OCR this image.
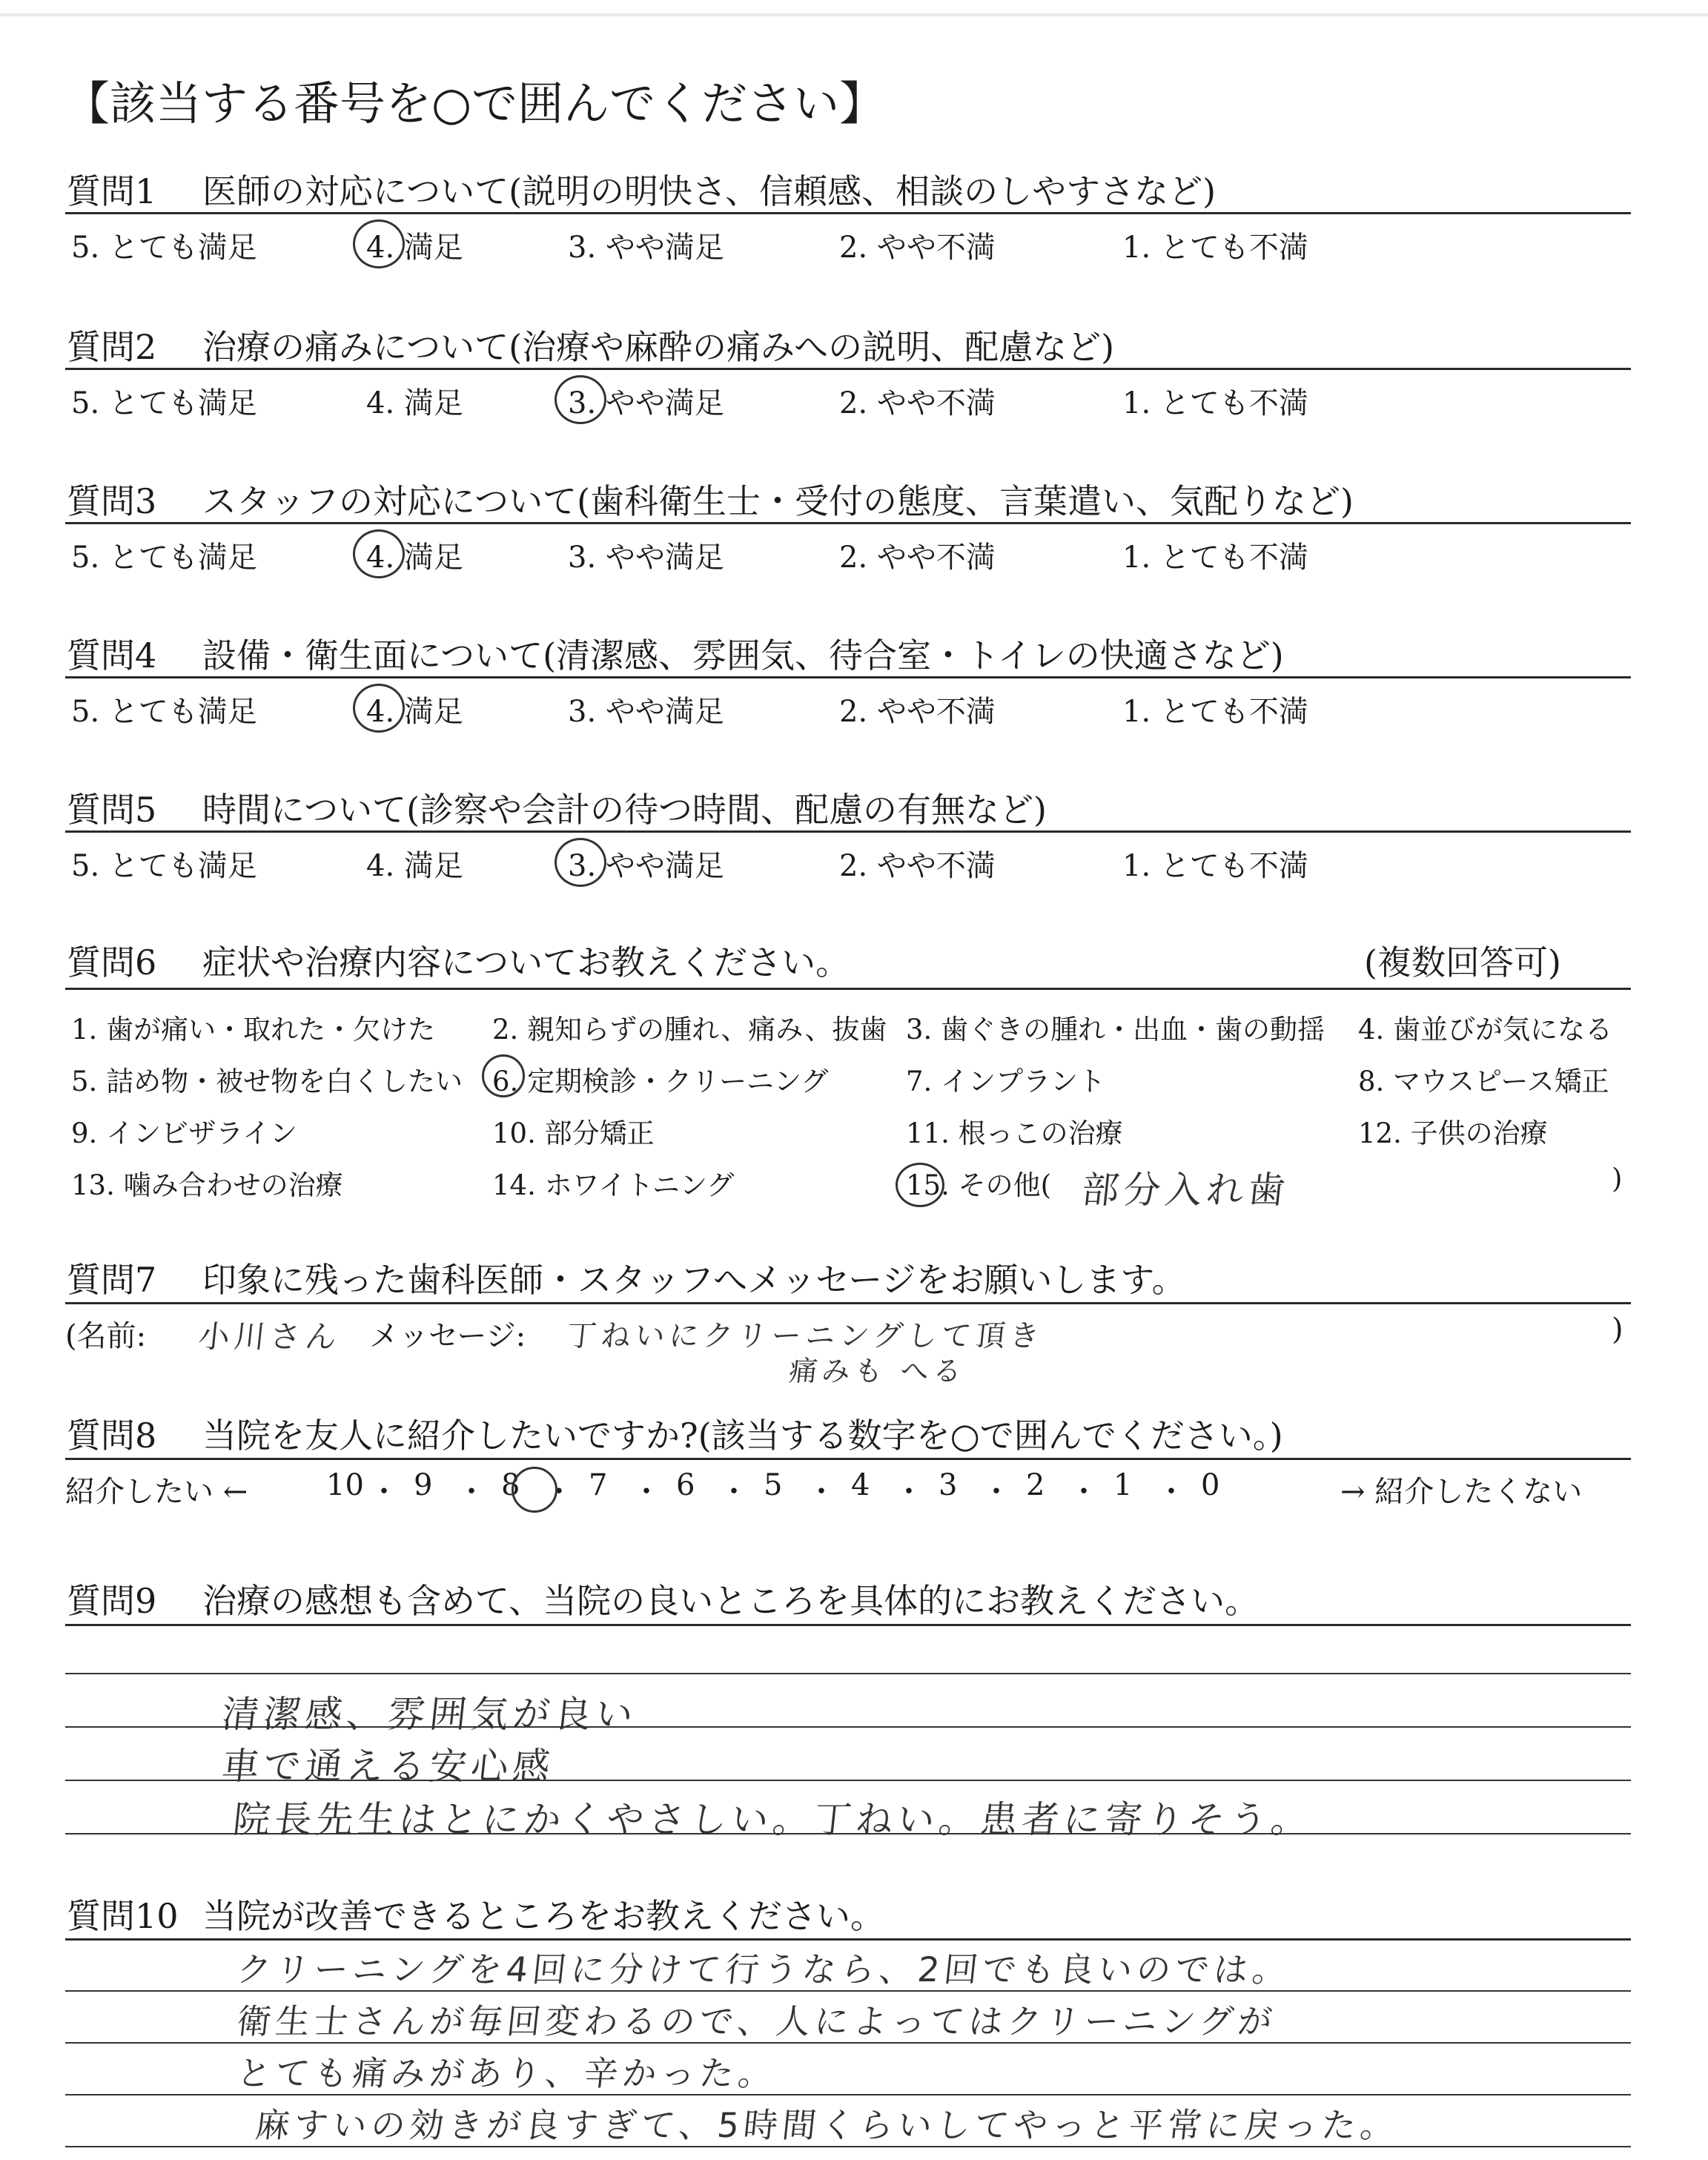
【該当する番号を○で囲んでください】
質問1 医師の対応について(説明の明快さ、信頼感、相談のしやすさなど)
5. とても満足	4. 満足	3. やや満足	2. やや不満	1. とても不満
質問2 治療の痛みについて(治療や麻酔の痛みへの説明、配慮など)
5. とても満足	4. 満足	3. やや満足	2. やや不満	1. とても不満
質問3 スタッフの対応について(歯科衛生士・受付の態度、言葉遣い、気配りなど)
5. とても満足	4. 満足	3. やや満足	2. やや不満	1. とても不満
質問4 設備・衛生面について(清潔感、雰囲気、待合室・トイレの快適さなど)
5. とても満足	4. 満足	3. やや満足	2. やや不満	1. とても不満
質問5 時間について(診察や会計の待つ時間、配慮の有無など)
5. とても満足	4. 満足	3. やや満足	2. やや不満	1. とても不満
質問6 症状や治療内容についてお教えください。	(複数回答可)
1. 歯が痛い・取れた・欠けた 2. 親知らずの腫れ、痛み、抜歯 3. 歯ぐきの腫れ・出血・歯の動揺 4. 歯並びが気になる
5. 詰め物・被せ物を白くしたい 6. 定期検診・クリーニング	7. インプラント	8. マウスピース矯正
9. インビザライン	10. 部分矯正	11. 根っこの治療	12. 子供の治療
13. 噛み合わせの治療	14. ホワイトニング	15. その他(	)
部分入れ歯
質問7 印象に残った歯科医師・スタッフへメッセージをお願いします。
(名前: 小川さん メッセージ: 丁ねいにクリーニングして頂き
痛みも へる
)
質問8 当院を友人に紹介したいですか?(該当する数字を○で囲んでください。)
紹介したい ←	10 ・ 9 ・ 8 ・ 7 ・ 6 ・ 5 ・ 4 ・ 3 ・ 2 ・ 1 ・ 0	→ 紹介したくない
質問9 治療の感想も含めて、当院の良いところを具体的にお教えください。
清潔感、雰囲気が良い
車で通える安心感
院長先生はとにかくやさしい。丁ねい。患者に寄りそう。
質問10 当院が改善できるところをお教えください。
クリーニングを4回に分けて行うなら、2回でも良いのでは。
衛生士さんが毎回変わるので、人によってはクリーニングが
とても痛みがあり、辛かった。
麻すいの効きが良すぎて、5時間くらいしてやっと平常に戻った。
